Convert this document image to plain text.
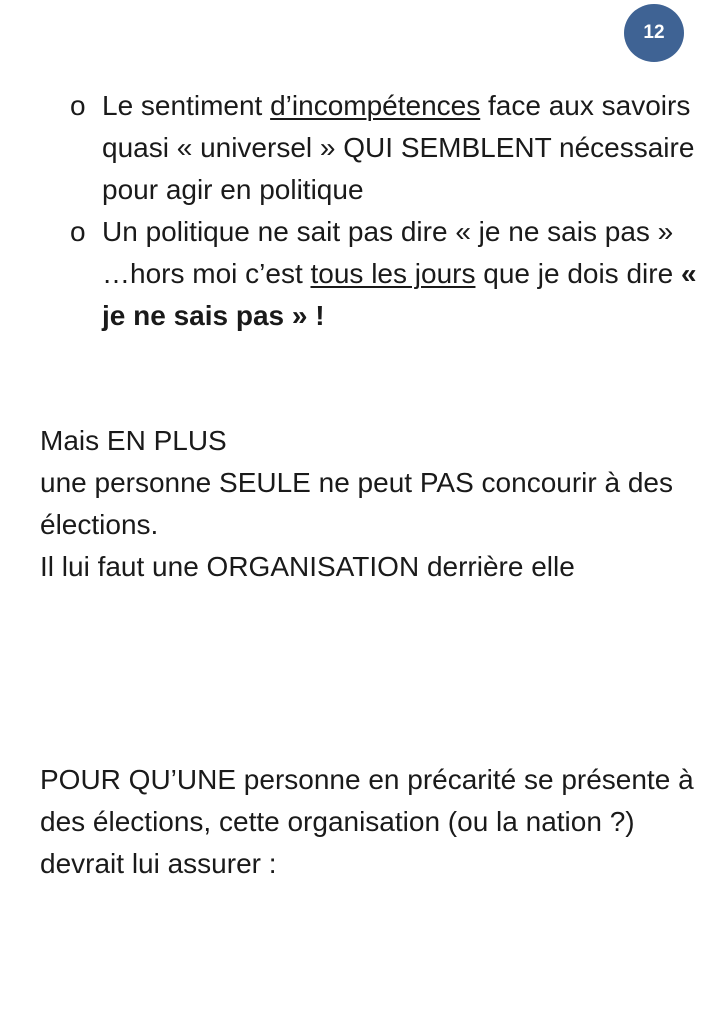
12
o Le sentiment d’incompétences face aux savoirs quasi « universel » QUI SEMBLENT nécessaire pour agir en politique
o Un politique ne sait pas dire « je ne sais pas » …hors moi c’est tous les jours que je dois dire « je ne sais pas » !

Mais EN PLUS

une personne SEULE ne peut PAS concourir à des élections.

Il lui faut une ORGANISATION derrière elle

POUR QU’UNE personne en précarité se présente à des élections, cette organisation (ou la nation ?) devrait lui assurer :
